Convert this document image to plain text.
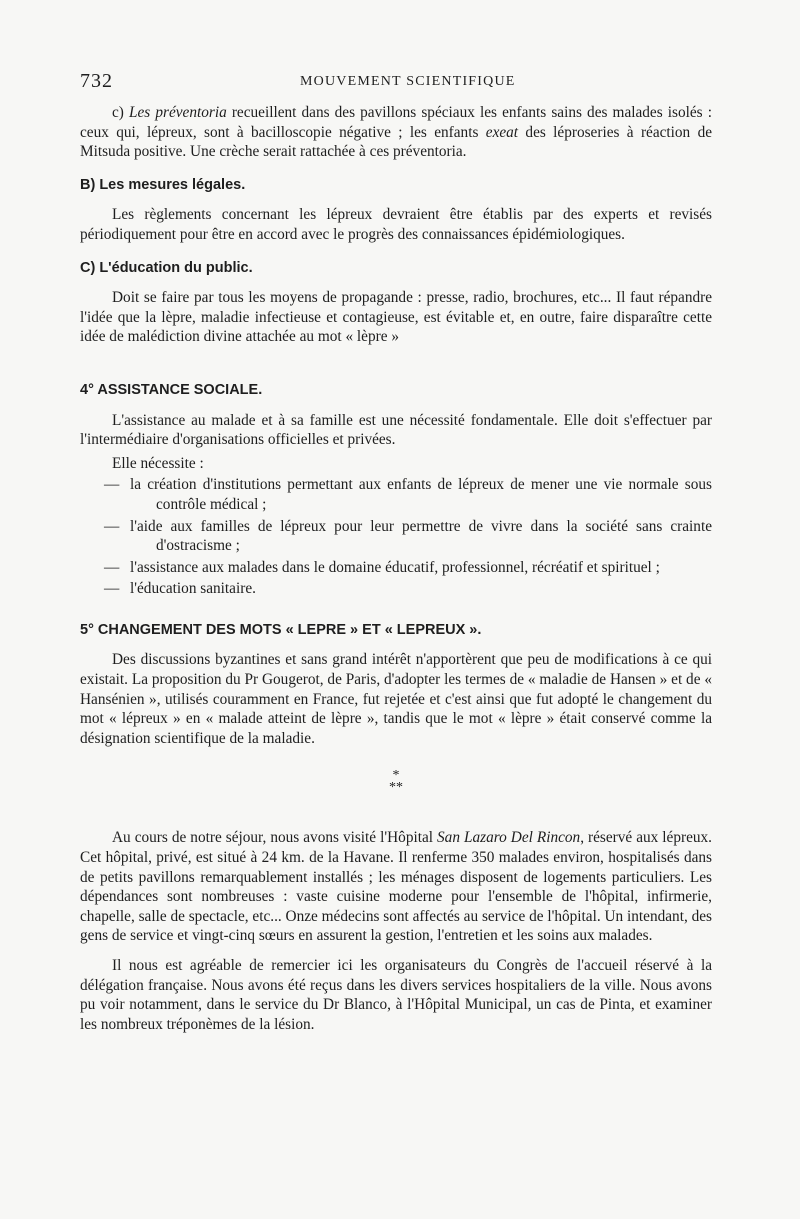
732	MOUVEMENT SCIENTIFIQUE

c) Les préventoria recueillent dans des pavillons spéciaux les enfants sains des malades isolés : ceux qui, lépreux, sont à bacilloscopie négative ; les enfants exeat des léproseries à réaction de Mitsuda positive. Une crèche serait rattachée à ces préventoria.

B) Les mesures légales.

Les règlements concernant les lépreux devraient être établis par des experts et revisés périodiquement pour être en accord avec le progrès des connaissances épidémiologiques.

C) L'éducation du public.

Doit se faire par tous les moyens de propagande : presse, radio, brochures, etc... Il faut répandre l'idée que la lèpre, maladie infectieuse et contagieuse, est évitable et, en outre, faire disparaître cette idée de malédiction divine attachée au mot « lèpre »

4° ASSISTANCE SOCIALE.

L'assistance au malade et à sa famille est une nécessité fondamentale. Elle doit s'effectuer par l'intermédiaire d'organisations officielles et privées.

Elle nécessite :

— la création d'institutions permettant aux enfants de lépreux de mener une vie normale sous contrôle médical ;
— l'aide aux familles de lépreux pour leur permettre de vivre dans la société sans crainte d'ostracisme ;
— l'assistance aux malades dans le domaine éducatif, professionnel, récréatif et spirituel ;
— l'éducation sanitaire.
5° CHANGEMENT DES MOTS « LEPRE » ET « LEPREUX ».

Des discussions byzantines et sans grand intérêt n'apportèrent que peu de modifications à ce qui existait. La proposition du Pr Gougerot, de Paris, d'adopter les termes de « maladie de Hansen » et de « Hansénien », utilisés couramment en France, fut rejetée et c'est ainsi que fut adopté le changement du mot « lépreux » en « malade atteint de lèpre », tandis que le mot « lèpre » était conservé comme la désignation scientifique de la maladie.

*
**

Au cours de notre séjour, nous avons visité l'Hôpital San Lazaro Del Rincon, réservé aux lépreux. Cet hôpital, privé, est situé à 24 km. de la Havane. Il renferme 350 malades environ, hospitalisés dans de petits pavillons remarquablement installés ; les ménages disposent de logements particuliers. Les dépendances sont nombreuses : vaste cuisine moderne pour l'ensemble de l'hôpital, infirmerie, chapelle, salle de spectacle, etc... Onze médecins sont affectés au service de l'hôpital. Un intendant, des gens de service et vingt-cinq sœurs en assurent la gestion, l'entretien et les soins aux malades.

Il nous est agréable de remercier ici les organisateurs du Congrès de l'accueil réservé à la délégation française. Nous avons été reçus dans les divers services hospitaliers de la ville. Nous avons pu voir notamment, dans le service du Dr Blanco, à l'Hôpital Municipal, un cas de Pinta, et examiner les nombreux tréponèmes de la lésion.
